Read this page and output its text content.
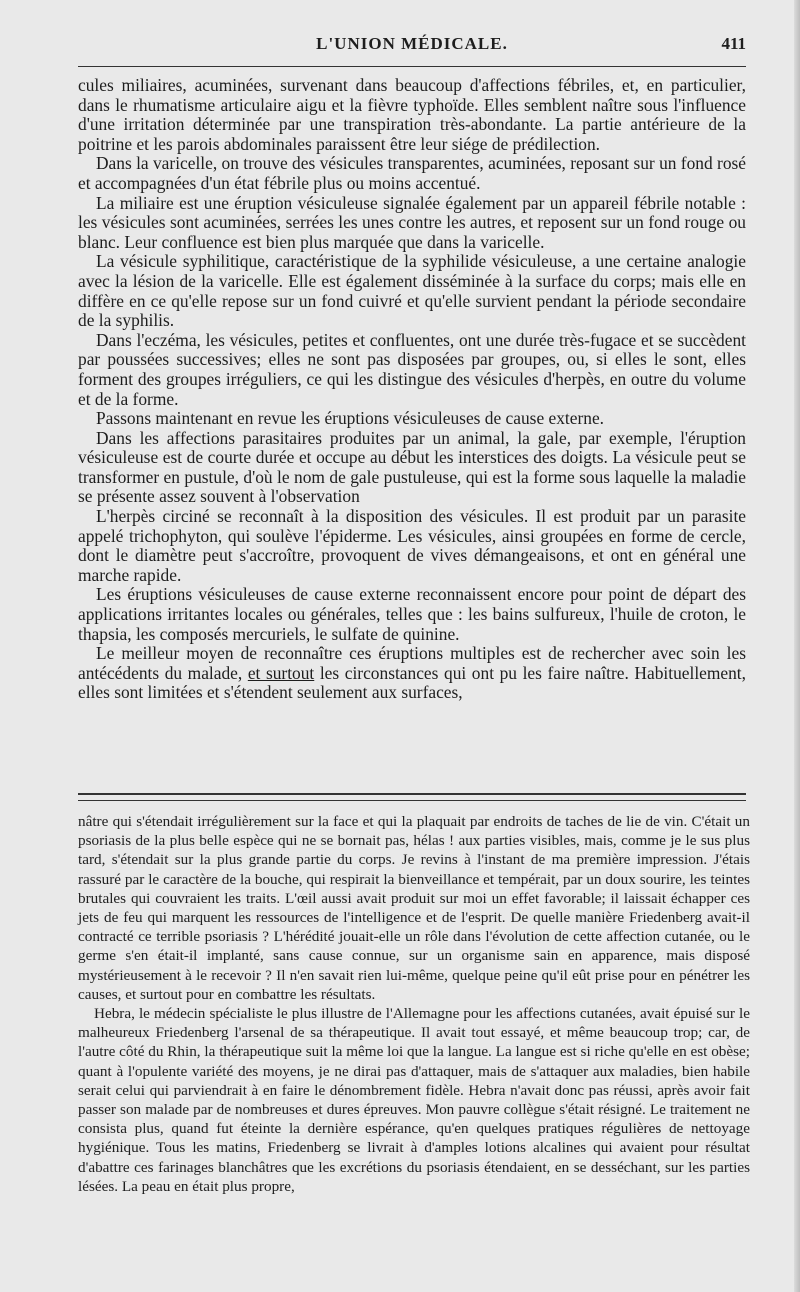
L'UNION MÉDICALE.	411

cules miliaires, acuminées, survenant dans beaucoup d'affections fébriles, et, en particulier, dans le rhumatisme articulaire aigu et la fièvre typhoïde. Elles semblent naître sous l'influence d'une irritation déterminée par une transpiration très-abondante. La partie antérieure de la poitrine et les parois abdominales paraissent être leur siége de prédilection.

Dans la varicelle, on trouve des vésicules transparentes, acuminées, reposant sur un fond rosé et accompagnées d'un état fébrile plus ou moins accentué.

La miliaire est une éruption vésiculeuse signalée également par un appareil fébrile notable : les vésicules sont acuminées, serrées les unes contre les autres, et reposent sur un fond rouge ou blanc. Leur confluence est bien plus marquée que dans la varicelle.

La vésicule syphilitique, caractéristique de la syphilide vésiculeuse, a une certaine analogie avec la lésion de la varicelle. Elle est également disséminée à la surface du corps; mais elle en diffère en ce qu'elle repose sur un fond cuivré et qu'elle survient pendant la période secondaire de la syphilis.

Dans l'eczéma, les vésicules, petites et confluentes, ont une durée très-fugace et se succèdent par poussées successives; elles ne sont pas disposées par groupes, ou, si elles le sont, elles forment des groupes irréguliers, ce qui les distingue des vésicules d'herpès, en outre du volume et de la forme.

Passons maintenant en revue les éruptions vésiculeuses de cause externe.

Dans les affections parasitaires produites par un animal, la gale, par exemple, l'éruption vésiculeuse est de courte durée et occupe au début les interstices des doigts. La vésicule peut se transformer en pustule, d'où le nom de gale pustuleuse, qui est la forme sous laquelle la maladie se présente assez souvent à l'observation

L'herpès circiné se reconnaît à la disposition des vésicules. Il est produit par un parasite appelé trichophyton, qui soulève l'épiderme. Les vésicules, ainsi groupées en forme de cercle, dont le diamètre peut s'accroître, provoquent de vives démangeaisons, et ont en général une marche rapide.

Les éruptions vésiculeuses de cause externe reconnaissent encore pour point de départ des applications irritantes locales ou générales, telles que : les bains sulfureux, l'huile de croton, le thapsia, les composés mercuriels, le sulfate de quinine.

Le meilleur moyen de reconnaître ces éruptions multiples est de rechercher avec soin les antécédents du malade, et surtout les circonstances qui ont pu les faire naître. Habituellement, elles sont limitées et s'étendent seulement aux surfaces,

nâtre qui s'étendait irrégulièrement sur la face et qui la plaquait par endroits de taches de lie de vin. C'était un psoriasis de la plus belle espèce qui ne se bornait pas, hélas ! aux parties visibles, mais, comme je le sus plus tard, s'étendait sur la plus grande partie du corps. Je revins à l'instant de ma première impression. J'étais rassuré par le caractère de la bouche, qui respirait la bienveillance et tempérait, par un doux sourire, les teintes brutales qui couvraient les traits. L'œil aussi avait produit sur moi un effet favorable; il laissait échapper ces jets de feu qui marquent les ressources de l'intelligence et de l'esprit. De quelle manière Friedenberg avait-il contracté ce terrible psoriasis ? L'hérédité jouait-elle un rôle dans l'évolution de cette affection cutanée, ou le germe s'en était-il implanté, sans cause connue, sur un organisme sain en apparence, mais disposé mystérieusement à le recevoir ? Il n'en savait rien lui-même, quelque peine qu'il eût prise pour en pénétrer les causes, et surtout pour en combattre les résultats.

Hebra, le médecin spécialiste le plus illustre de l'Allemagne pour les affections cutanées, avait épuisé sur le malheureux Friedenberg l'arsenal de sa thérapeutique. Il avait tout essayé, et même beaucoup trop; car, de l'autre côté du Rhin, la thérapeutique suit la même loi que la langue. La langue est si riche qu'elle en est obèse; quant à l'opulente variété des moyens, je ne dirai pas d'attaquer, mais de s'attaquer aux maladies, bien habile serait celui qui parviendrait à en faire le dénombrement fidèle. Hebra n'avait donc pas réussi, après avoir fait passer son malade par de nombreuses et dures épreuves. Mon pauvre collègue s'était résigné. Le traitement ne consista plus, quand fut éteinte la dernière espérance, qu'en quelques pratiques régulières de nettoyage hygiénique. Tous les matins, Friedenberg se livrait à d'amples lotions alcalines qui avaient pour résultat d'abattre ces farinages blanchâtres que les excrétions du psoriasis étendaient, en se desséchant, sur les parties lésées. La peau en était plus propre,
